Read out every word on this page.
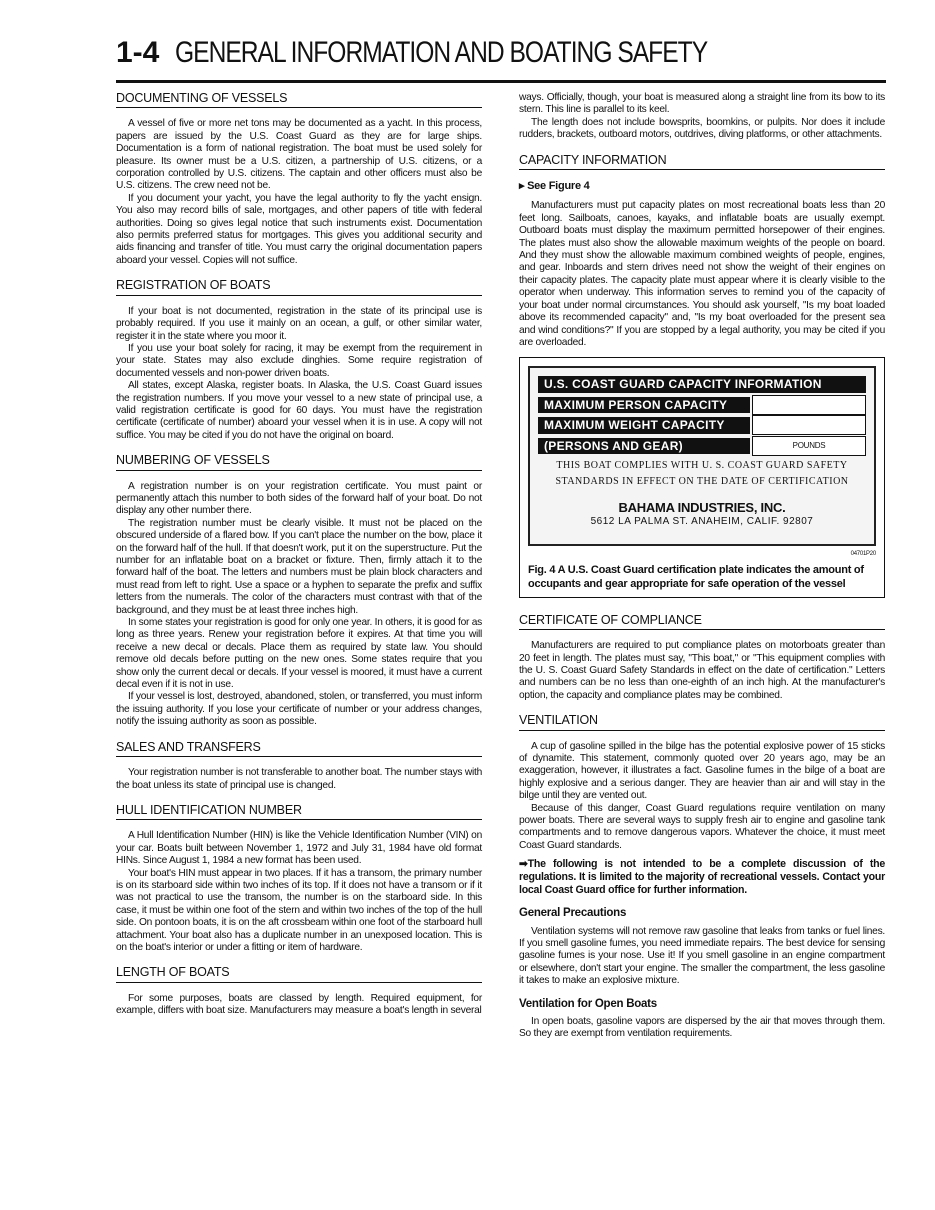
1-4 GENERAL INFORMATION AND BOATING SAFETY
DOCUMENTING OF VESSELS

A vessel of five or more net tons may be documented as a yacht. In this process, papers are issued by the U.S. Coast Guard as they are for large ships. Documentation is a form of national registration. The boat must be used solely for pleasure. Its owner must be a U.S. citizen, a partnership of U.S. citizens, or a corporation controlled by U.S. citizens. The captain and other officers must also be U.S. citizens. The crew need not be.

If you document your yacht, you have the legal authority to fly the yacht ensign. You also may record bills of sale, mortgages, and other papers of title with federal authorities. Doing so gives legal notice that such instruments exist. Documentation also permits preferred status for mortgages. This gives you additional security and aids financing and transfer of title. You must carry the original documentation papers aboard your vessel. Copies will not suffice.

REGISTRATION OF BOATS

If your boat is not documented, registration in the state of its principal use is probably required. If you use it mainly on an ocean, a gulf, or other similar water, register it in the state where you moor it.

If you use your boat solely for racing, it may be exempt from the requirement in your state. States may also exclude dinghies. Some require registration of documented vessels and non-power driven boats.

All states, except Alaska, register boats. In Alaska, the U.S. Coast Guard issues the registration numbers. If you move your vessel to a new state of principal use, a valid registration certificate is good for 60 days. You must have the registration certificate (certificate of number) aboard your vessel when it is in use. A copy will not suffice. You may be cited if you do not have the original on board.

NUMBERING OF VESSELS

A registration number is on your registration certificate. You must paint or permanently attach this number to both sides of the forward half of your boat. Do not display any other number there.

The registration number must be clearly visible. It must not be placed on the obscured underside of a flared bow. If you can't place the number on the bow, place it on the forward half of the hull. If that doesn't work, put it on the superstructure. Put the number for an inflatable boat on a bracket or fixture. Then, firmly attach it to the forward half of the boat. The letters and numbers must be plain block characters and must read from left to right. Use a space or a hyphen to separate the prefix and suffix letters from the numerals. The color of the characters must contrast with that of the background, and they must be at least three inches high.

In some states your registration is good for only one year. In others, it is good for as long as three years. Renew your registration before it expires. At that time you will receive a new decal or decals. Place them as required by state law. You should remove old decals before putting on the new ones. Some states require that you show only the current decal or decals. If your vessel is moored, it must have a current decal even if it is not in use.

If your vessel is lost, destroyed, abandoned, stolen, or transferred, you must inform the issuing authority. If you lose your certificate of number or your address changes, notify the issuing authority as soon as possible.

SALES AND TRANSFERS

Your registration number is not transferable to another boat. The number stays with the boat unless its state of principal use is changed.

HULL IDENTIFICATION NUMBER

A Hull Identification Number (HIN) is like the Vehicle Identification Number (VIN) on your car. Boats built between November 1, 1972 and July 31, 1984 have old format HINs. Since August 1, 1984 a new format has been used.

Your boat's HIN must appear in two places. If it has a transom, the primary number is on its starboard side within two inches of its top. If it does not have a transom or if it was not practical to use the transom, the number is on the starboard side. In this case, it must be within one foot of the stern and within two inches of the top of the hull side. On pontoon boats, it is on the aft crossbeam within one foot of the starboard hull attachment. Your boat also has a duplicate number in an unexposed location. This is on the boat's interior or under a fitting or item of hardware.

LENGTH OF BOATS

For some purposes, boats are classed by length. Required equipment, for example, differs with boat size. Manufacturers may measure a boat's length in several

ways. Officially, though, your boat is measured along a straight line from its bow to its stern. This line is parallel to its keel.

The length does not include bowsprits, boomkins, or pulpits. Nor does it include rudders, brackets, outboard motors, outdrives, diving platforms, or other attachments.

CAPACITY INFORMATION
▸ See Figure 4

Manufacturers must put capacity plates on most recreational boats less than 20 feet long. Sailboats, canoes, kayaks, and inflatable boats are usually exempt. Outboard boats must display the maximum permitted horsepower of their engines. The plates must also show the allowable maximum weights of the people on board. And they must show the allowable maximum combined weights of people, engines, and gear. Inboards and stern drives need not show the weight of their engines on their capacity plates. The capacity plate must appear where it is clearly visible to the operator when underway. This information serves to remind you of the capacity of your boat under normal circumstances. You should ask yourself, "Is my boat loaded above its recommended capacity" and, "Is my boat overloaded for the present sea and wind conditions?" If you are stopped by a legal authority, you may be cited if you are overloaded.

U.S. COAST GUARD CAPACITY INFORMATION
MAXIMUM PERSON CAPACITY
MAXIMUM WEIGHT CAPACITY
(PERSONS AND GEAR)	POUNDS
THIS BOAT COMPLIES WITH U. S. COAST GUARD SAFETY
STANDARDS IN EFFECT ON THE DATE OF CERTIFICATION
BAHAMA INDUSTRIES, INC.
5612 LA PALMA ST. ANAHEIM, CALIF. 92807
04701P20
Fig. 4 A U.S. Coast Guard certification plate indicates the amount of occupants and gear appropriate for safe operation of the vessel
CERTIFICATE OF COMPLIANCE

Manufacturers are required to put compliance plates on motorboats greater than 20 feet in length. The plates must say, "This boat," or "This equipment complies with the U. S. Coast Guard Safety Standards in effect on the date of certification." Letters and numbers can be no less than one-eighth of an inch high. At the manufacturer's option, the capacity and compliance plates may be combined.

VENTILATION

A cup of gasoline spilled in the bilge has the potential explosive power of 15 sticks of dynamite. This statement, commonly quoted over 20 years ago, may be an exaggeration, however, it illustrates a fact. Gasoline fumes in the bilge of a boat are highly explosive and a serious danger. They are heavier than air and will stay in the bilge until they are vented out.

Because of this danger, Coast Guard regulations require ventilation on many power boats. There are several ways to supply fresh air to engine and gasoline tank compartments and to remove dangerous vapors. Whatever the choice, it must meet Coast Guard standards.

➡The following is not intended to be a complete discussion of the regulations. It is limited to the majority of recreational vessels. Contact your local Coast Guard office for further information.

General Precautions

Ventilation systems will not remove raw gasoline that leaks from tanks or fuel lines. If you smell gasoline fumes, you need immediate repairs. The best device for sensing gasoline fumes is your nose. Use it! If you smell gasoline in an engine compartment or elsewhere, don't start your engine. The smaller the compartment, the less gasoline it takes to make an explosive mixture.

Ventilation for Open Boats

In open boats, gasoline vapors are dispersed by the air that moves through them. So they are exempt from ventilation requirements.
